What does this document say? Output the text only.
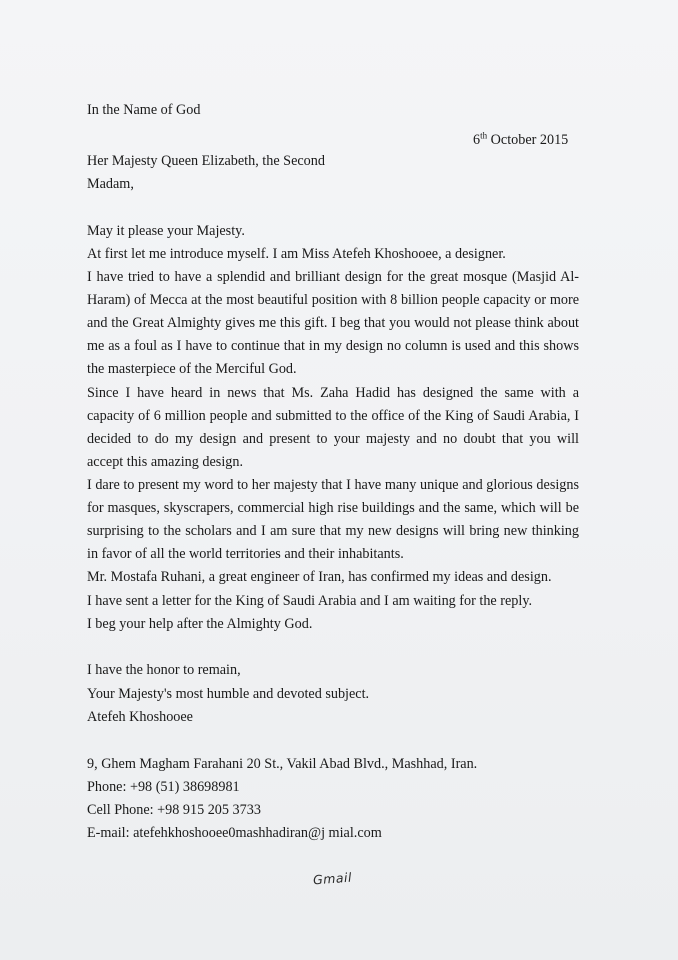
In the Name of God
6th October 2015
Her Majesty Queen Elizabeth, the Second
Madam,
May it please your Majesty.
At first let me introduce myself. I am Miss Atefeh Khoshooee, a designer.
I have tried to have a splendid and brilliant design for the great mosque (Masjid Al-
Haram) of Mecca at the most beautiful position with 8 billion people capacity or more
and the Great Almighty gives me this gift. I beg that you would not please think about
me as a foul as I have to continue that in my design no column is used and this shows
the masterpiece of the Merciful God.
Since I have heard in news that Ms. Zaha Hadid has designed the same with a
capacity of 6 million people and submitted to the office of the King of Saudi Arabia, I
decided to do my design and present to your majesty and no doubt that you will
accept this amazing design.
I dare to present my word to her majesty that I have many unique and glorious designs
for masques, skyscrapers, commercial high rise buildings and the same, which will be
surprising to the scholars and I am sure that my new designs will bring new thinking
in favor of all the world territories and their inhabitants.
Mr. Mostafa Ruhani, a great engineer of Iran, has confirmed my ideas and design.
I have sent a letter for the King of Saudi Arabia and I am waiting for the reply.
I beg your help after the Almighty God.
I have the honor to remain,
Your Majesty's most humble and devoted subject.
Atefeh Khoshooee
9, Ghem Magham Farahani 20 St., Vakil Abad Blvd., Mashhad, Iran.
Phone: +98 (51) 38698981
Cell Phone: +98 915 205 3733
E-mail: atefehkhoshooee0mashhadiran@j mial.com
Gmail
